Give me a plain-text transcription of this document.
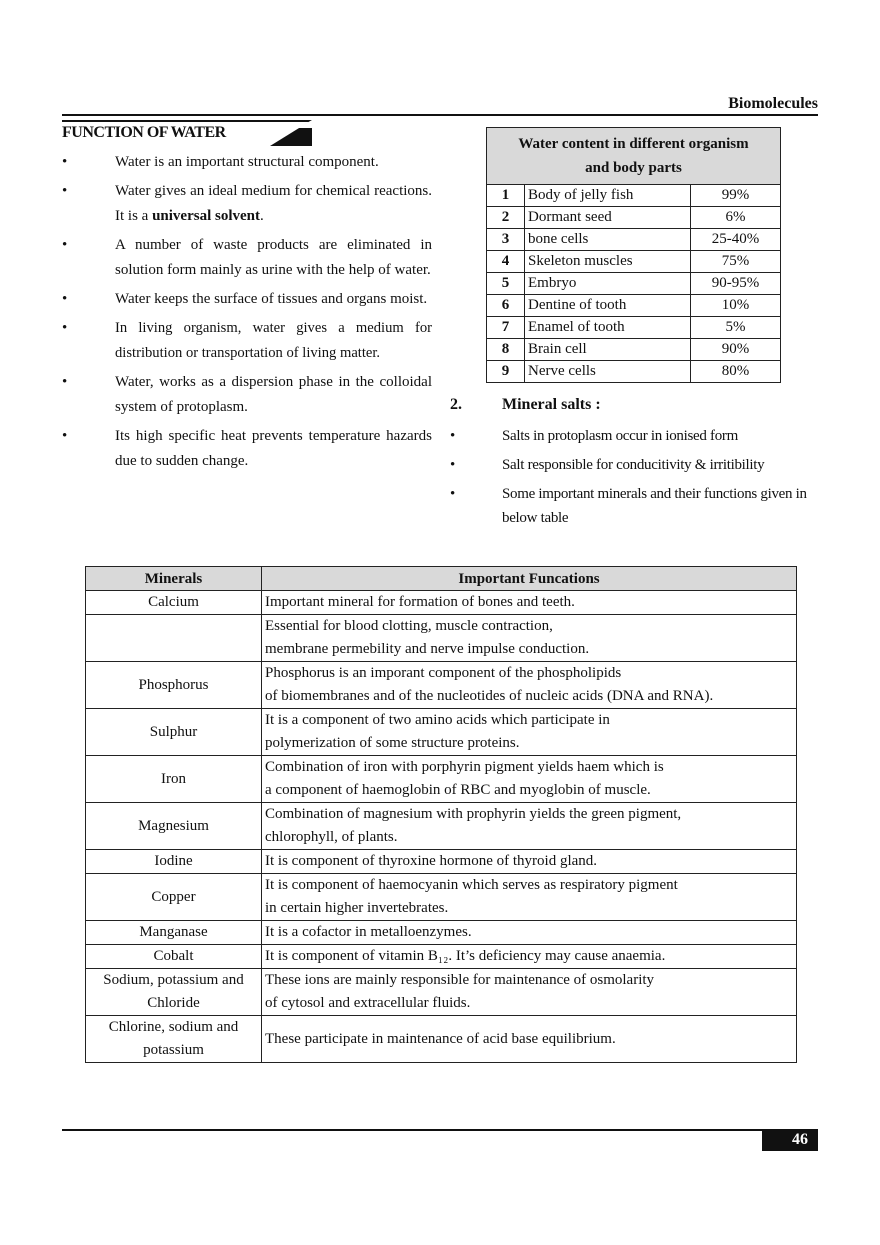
Biomolecules
FUNCTION OF WATER
•	Water is an important structural component.
•	Water gives an ideal medium for chemical reactions. It is a universal solvent.
•	A number of waste products are eliminated in solution form mainly as urine with the help of water.
•	Water keeps the surface of tissues and organs moist.
•	In living organism, water gives a medium for distribution or transportation of living matter.
•	Water, works as a dispersion phase in the colloidal system of protoplasm.
•	Its high specific heat prevents temperature hazards due to sudden change.
Water content in different organism
and body parts		
1	Body of jelly fish	99%
2	Dormant seed	6%
3	bone cells	25-40%
4	Skeleton muscles	75%
5	Embryo	90-95%
6	Dentine of tooth	10%
7	Enamel of tooth	5%
8	Brain cell	90%
9	Nerve cells	80%
2.	Mineral salts :
•	Salts in protoplasm occur in ionised form
•	Salt responsible for conducitivity & irritibility
•	Some important minerals and their functions given in below table
Minerals	Important Funcations
Calcium	Important mineral for formation of bones and teeth.

	Essential for blood clotting, muscle contraction,
membrane permebility and nerve impulse conduction.

Phosphorus	Phosphorus is an imporant component of the phospholipids
of biomembranes and of the nucleotides of nucleic acids (DNA and RNA).

Sulphur	It is a component of two amino acids which participate in
polymerization of some structure proteins.

Iron	Combination of iron with porphyrin pigment yields haem which is
a component of haemoglobin of RBC and myoglobin of muscle.

Magnesium	Combination of magnesium with prophyrin yields the green pigment,
chlorophyll, of plants.

Iodine	It is component of thyroxine hormone of thyroid gland.

Copper	It is component of haemocyanin which serves as respiratory pigment
in certain higher invertebrates.

Manganase	It is a cofactor in metalloenzymes.

Cobalt	It is component of vitamin B₁₂. It’s deficiency may cause anaemia.

Sodium, potassium and Chloride	These ions are mainly responsible for maintenance of osmolarity
of cytosol and extracellular fluids.

Chlorine, sodium and potassium	These participate in maintenance of acid base equilibrium.
46
